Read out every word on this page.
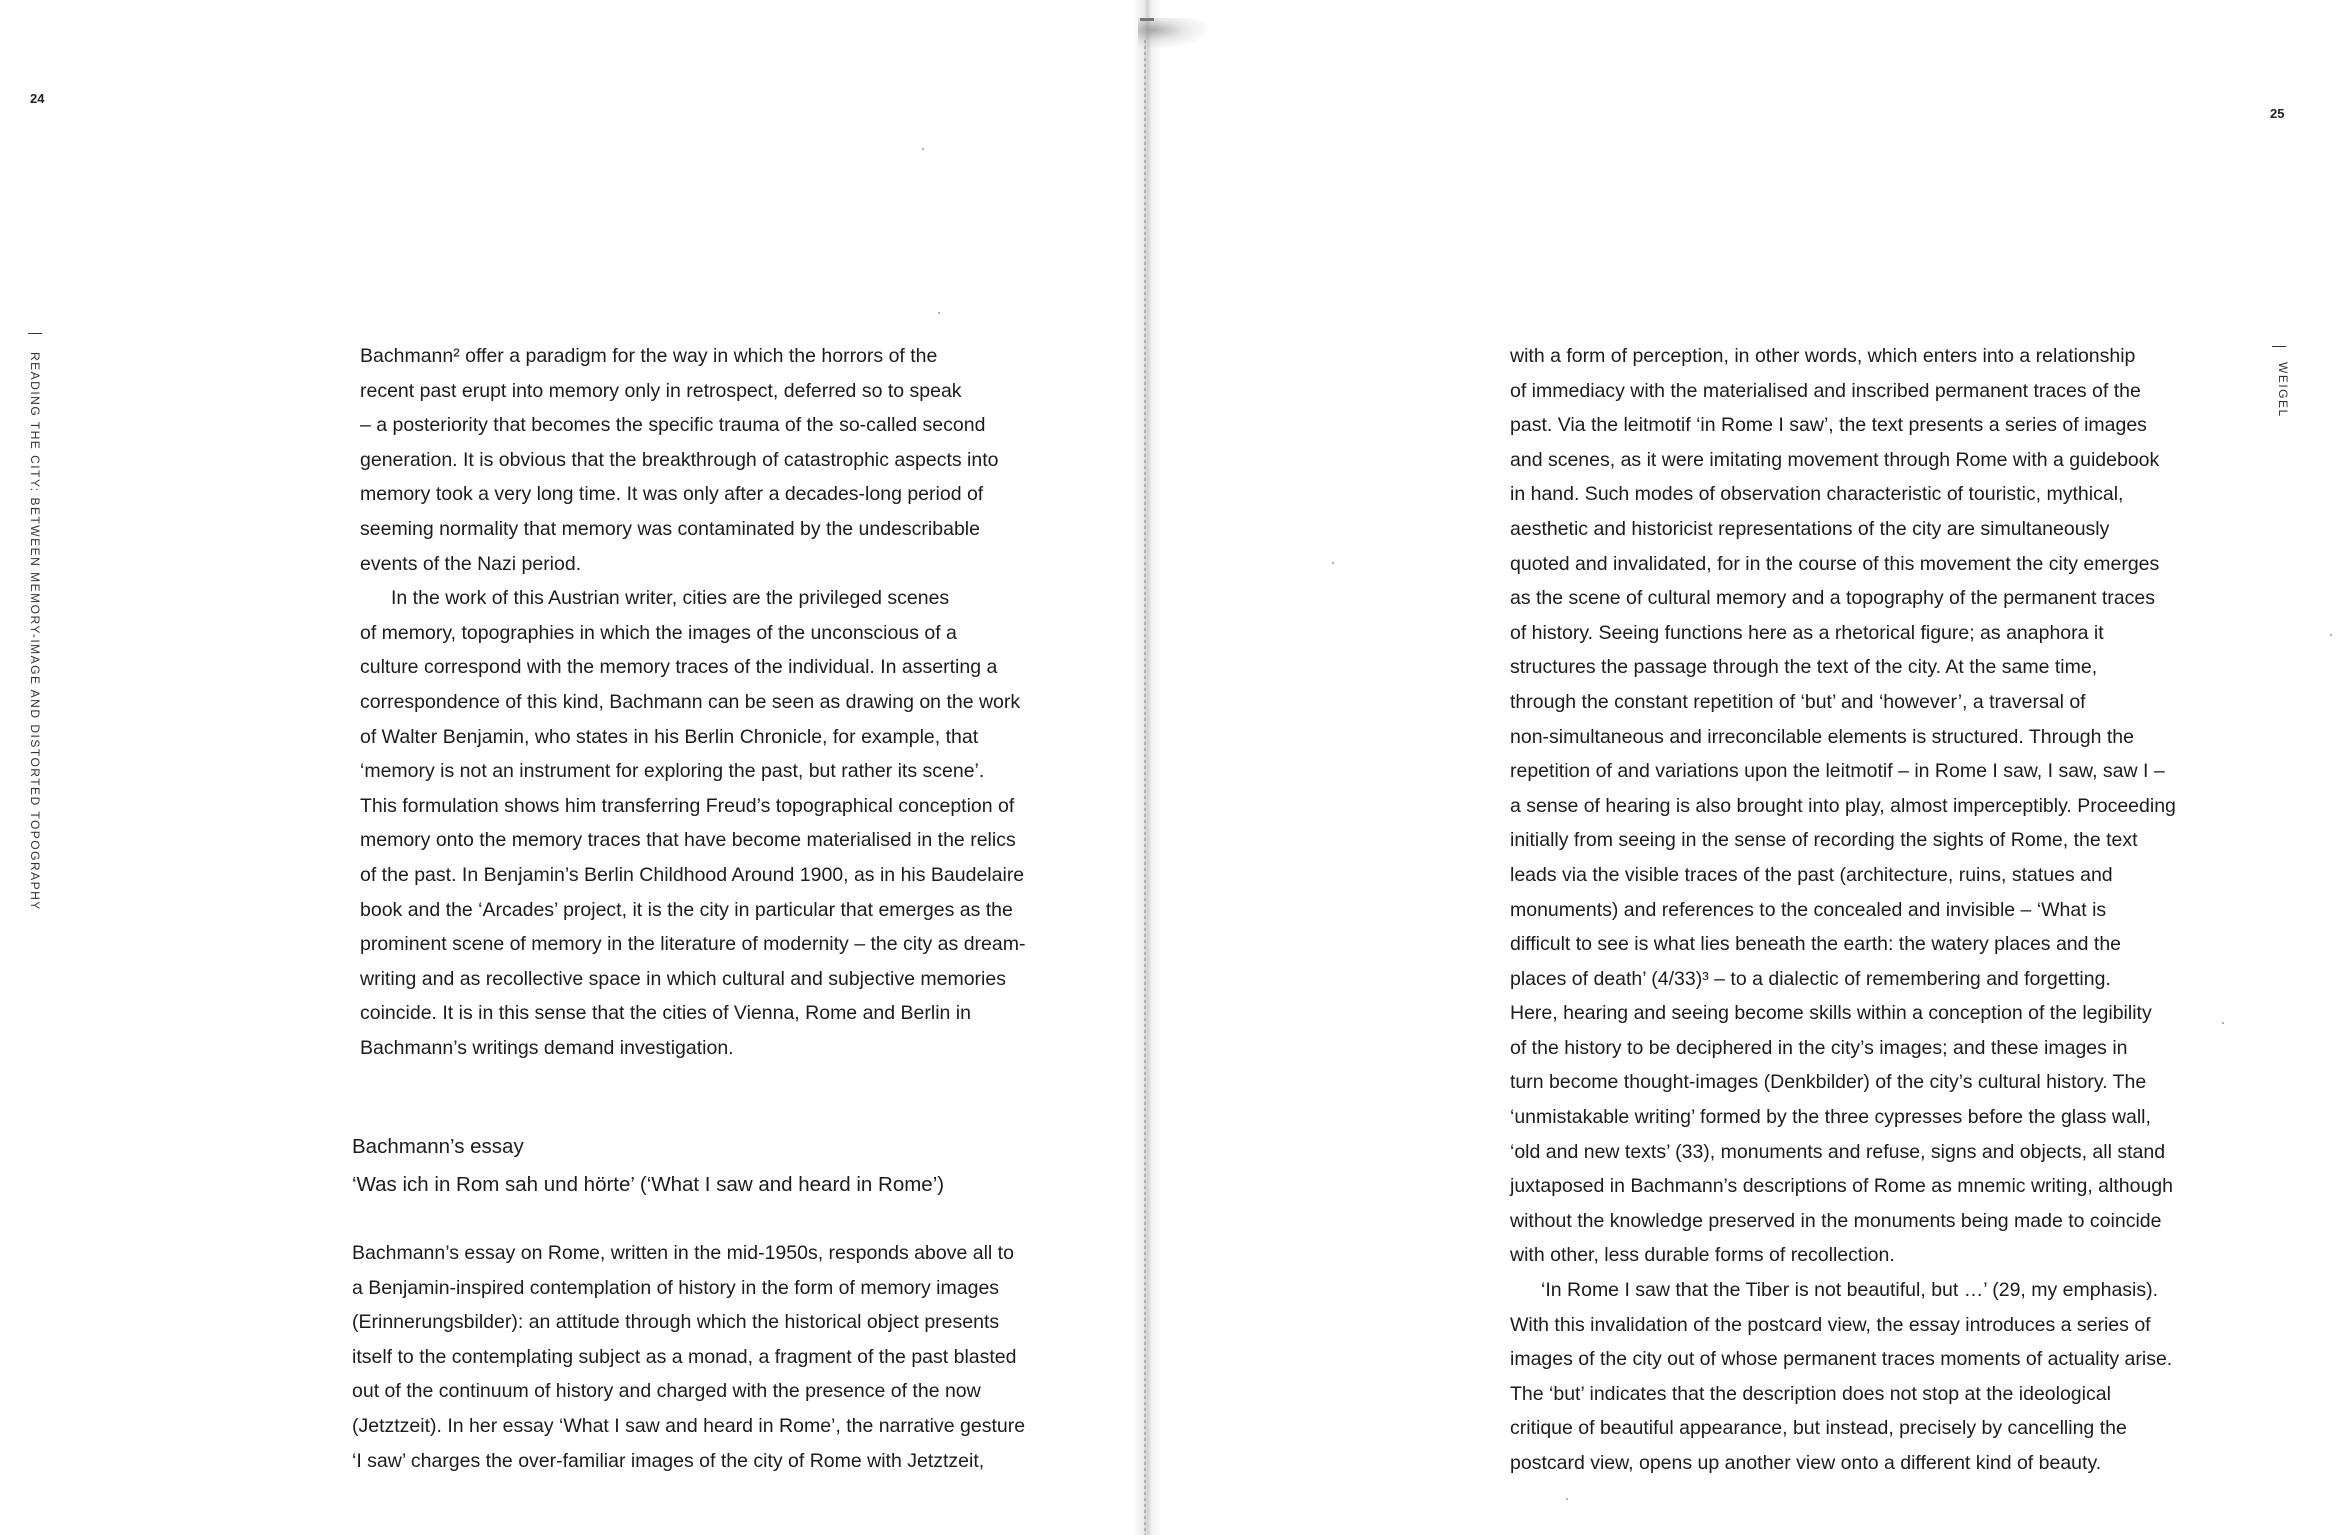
24
READING THE CITY: BETWEEN MEMORY-IMAGE AND DISTORTED TOPOGRAPHY	Bachmann² offer a paradigm for the way in which the horrors of the

recent past erupt into memory only in retrospect, deferred so to speak

– a posteriority that becomes the specific trauma of the so-called second

generation. It is obvious that the breakthrough of catastrophic aspects into

memory took a very long time. It was only after a decades-long period of

seeming normality that memory was contaminated by the undescribable

events of the Nazi period.

In the work of this Austrian writer, cities are the privileged scenes

of memory, topographies in which the images of the unconscious of a

culture correspond with the memory traces of the individual. In asserting a

correspondence of this kind, Bachmann can be seen as drawing on the work

of Walter Benjamin, who states in his Berlin Chronicle, for example, that

‘memory is not an instrument for exploring the past, but rather its scene’.

This formulation shows him transferring Freud’s topographical conception of

memory onto the memory traces that have become materialised in the relics

of the past. In Benjamin’s Berlin Childhood Around 1900, as in his Baudelaire

book and the ‘Arcades’ project, it is the city in particular that emerges as the

prominent scene of memory in the literature of modernity – the city as dream-

writing and as recollective space in which cultural and subjective memories

coincide. It is in this sense that the cities of Vienna, Rome and Berlin in

Bachmann’s writings demand investigation.

Bachmann’s essay
‘Was ich in Rom sah und hörte’ (‘What I saw and heard in Rome’)

Bachmann’s essay on Rome, written in the mid-1950s, responds above all to

a Benjamin-inspired contemplation of history in the form of memory images

(Erinnerungsbilder): an attitude through which the historical object presents

itself to the contemplating subject as a monad, a fragment of the past blasted

out of the continuum of history and charged with the presence of the now

(Jetztzeit). In her essay ‘What I saw and heard in Rome’, the narrative gesture

‘I saw’ charges the over-familiar images of the city of Rome with Jetztzeit,

25
WEIGEL

with a form of perception, in other words, which enters into a relationship

of immediacy with the materialised and inscribed permanent traces of the

past. Via the leitmotif ‘in Rome I saw’, the text presents a series of images

and scenes, as it were imitating movement through Rome with a guidebook

in hand. Such modes of observation characteristic of touristic, mythical,

aesthetic and historicist representations of the city are simultaneously

quoted and invalidated, for in the course of this movement the city emerges

as the scene of cultural memory and a topography of the permanent traces

of history. Seeing functions here as a rhetorical figure; as anaphora it

structures the passage through the text of the city. At the same time,

through the constant repetition of ‘but’ and ‘however’, a traversal of

non-simultaneous and irreconcilable elements is structured. Through the

repetition of and variations upon the leitmotif – in Rome I saw, I saw, saw I –

a sense of hearing is also brought into play, almost imperceptibly. Proceeding

initially from seeing in the sense of recording the sights of Rome, the text

leads via the visible traces of the past (architecture, ruins, statues and

monuments) and references to the concealed and invisible – ‘What is

difficult to see is what lies beneath the earth: the watery places and the

places of death’ (4/33)³ – to a dialectic of remembering and forgetting.

Here, hearing and seeing become skills within a conception of the legibility

of the history to be deciphered in the city’s images; and these images in

turn become thought-images (Denkbilder) of the city’s cultural history. The

‘unmistakable writing’ formed by the three cypresses before the glass wall,

‘old and new texts’ (33), monuments and refuse, signs and objects, all stand

juxtaposed in Bachmann’s descriptions of Rome as mnemic writing, although

without the knowledge preserved in the monuments being made to coincide

with other, less durable forms of recollection.

‘In Rome I saw that the Tiber is not beautiful, but …’ (29, my emphasis).

With this invalidation of the postcard view, the essay introduces a series of

images of the city out of whose permanent traces moments of actuality arise.

The ‘but’ indicates that the description does not stop at the ideological

critique of beautiful appearance, but instead, precisely by cancelling the

postcard view, opens up another view onto a different kind of beauty.
